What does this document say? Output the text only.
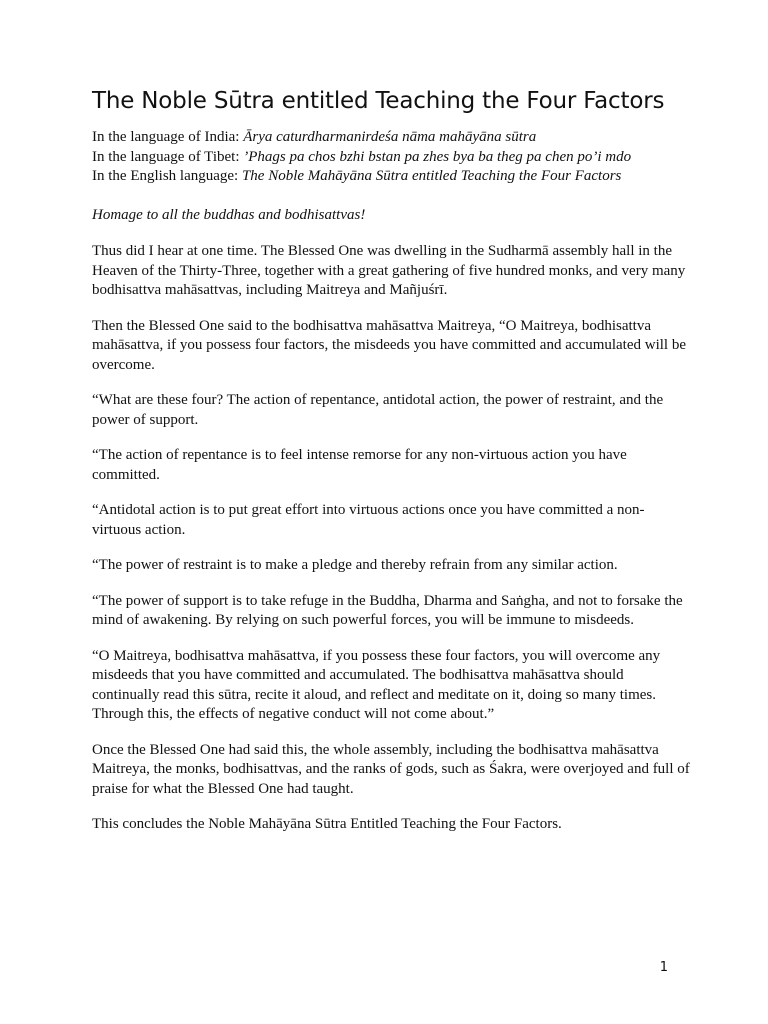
The Noble Sūtra entitled Teaching the Four Factors
In the language of India: Ārya caturdharmanirdeśa nāma mahāyāna sūtra
In the language of Tibet: ’Phags pa chos bzhi bstan pa zhes bya ba theg pa chen po’i mdo
In the English language: The Noble Mahāyāna Sūtra entitled Teaching the Four Factors

Homage to all the buddhas and bodhisattvas!

Thus did I hear at one time. The Blessed One was dwelling in the Sudharmā assembly hall in the Heaven of the Thirty-Three, together with a great gathering of five hundred monks, and very many bodhisattva mahāsattvas, including Maitreya and Mañjuśrī.

Then the Blessed One said to the bodhisattva mahāsattva Maitreya, “O Maitreya, bodhisattva mahāsattva, if you possess four factors, the misdeeds you have committed and accumulated will be overcome.

“What are these four? The action of repentance, antidotal action, the power of restraint, and the power of support.

“The action of repentance is to feel intense remorse for any non-virtuous action you have committed.

“Antidotal action is to put great effort into virtuous actions once you have committed a non-virtuous action.

“The power of restraint is to make a pledge and thereby refrain from any similar action.

“The power of support is to take refuge in the Buddha, Dharma and Saṅgha, and not to forsake the mind of awakening. By relying on such powerful forces, you will be immune to misdeeds.

“O Maitreya, bodhisattva mahāsattva, if you possess these four factors, you will overcome any misdeeds that you have committed and accumulated. The bodhisattva mahāsattva should continually read this sūtra, recite it aloud, and reflect and meditate on it, doing so many times. Through this, the effects of negative conduct will not come about.”

Once the Blessed One had said this, the whole assembly, including the bodhisattva mahāsattva Maitreya, the monks, bodhisattvas, and the ranks of gods, such as Śakra, were overjoyed and full of praise for what the Blessed One had taught.

This concludes the Noble Mahāyāna Sūtra Entitled Teaching the Four Factors.

1
